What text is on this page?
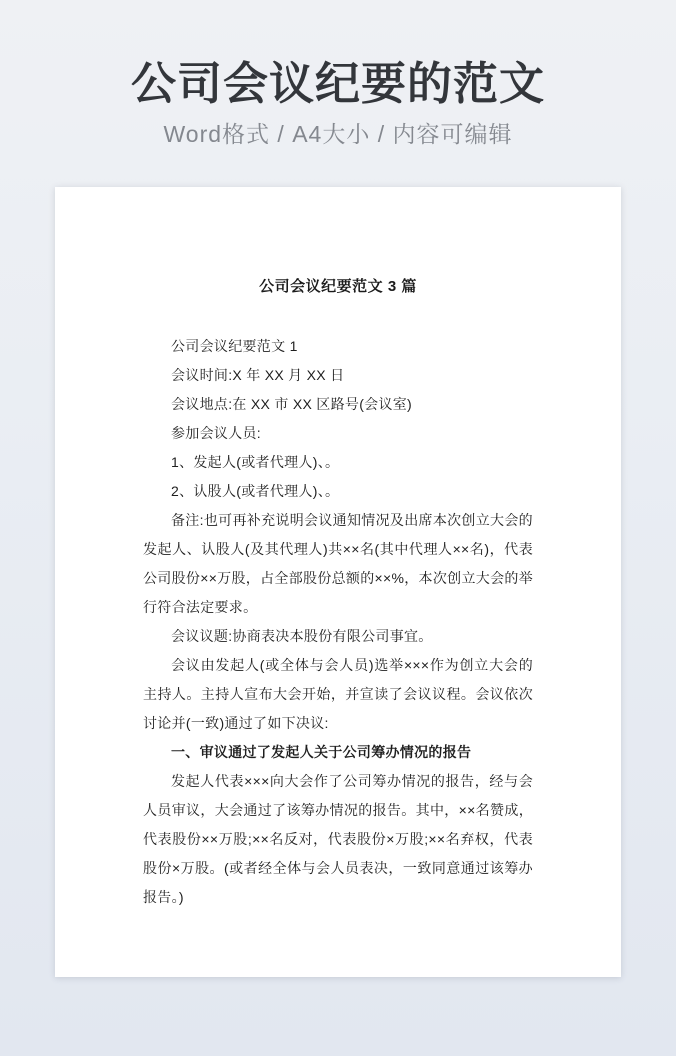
公司会议纪要的范文

Word格式 / A4大小 / 内容可编辑

公司会议纪要范文 3 篇

公司会议纪要范文 1

会议时间:X 年 XX 月 XX 日

会议地点:在 XX 市 XX 区路号(会议室)

参加会议人员:

1、发起人(或者代理人)、。

2、认股人(或者代理人)、。

备注:也可再补充说明会议通知情况及出席本次创立大会的发起人、认股人(及其代理人)共××名(其中代理人××名)，代表公司股份××万股，占全部股份总额的××%，本次创立大会的举行符合法定要求。

会议议题:协商表决本股份有限公司事宜。

会议由发起人(或全体与会人员)选举×××作为创立大会的主持人。主持人宣布大会开始，并宣读了会议议程。会议依次讨论并(一致)通过了如下决议:

一、审议通过了发起人关于公司筹办情况的报告

发起人代表×××向大会作了公司筹办情况的报告，经与会人员审议，大会通过了该筹办情况的报告。其中，××名赞成，代表股份××万股;××名反对，代表股份×万股;××名弃权，代表股份×万股。(或者经全体与会人员表决，一致同意通过该筹办报告。)
